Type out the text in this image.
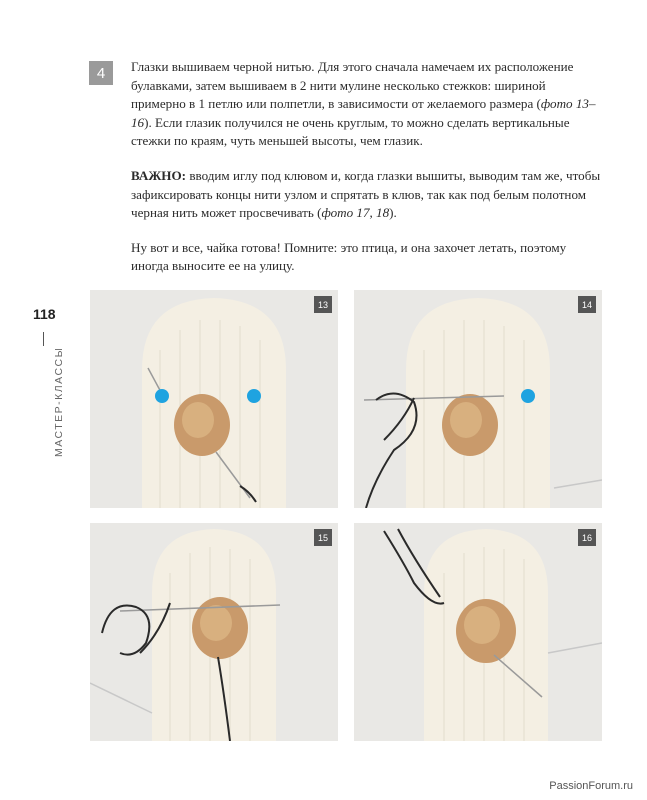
4	Глазки вышиваем черной нитью. Для этого сначала намечаем их расположение булавками, затем вышиваем в 2 нити мулине несколько стежков: шириной примерно в 1 петлю или полпетли, в зависимости от желаемого размера (фото 13–16). Если глазик получился не очень круглым, то можно сделать вертикальные стежки по краям, чуть меньшей высоты, чем глазик.

ВАЖНО: вводим иглу под клювом и, когда глазки вышиты, выводим там же, чтобы зафиксировать концы нити узлом и спрятать в клюв, так как под белым полотном черная нить может просвечивать (фото 17, 18).

Ну вот и все, чайка готова! Помните: это птица, и она захочет летать, поэтому иногда выносите ее на улицу.

118
МАСТЕР-КЛАССЫ
13	14
15	16
PassionForum.ru
